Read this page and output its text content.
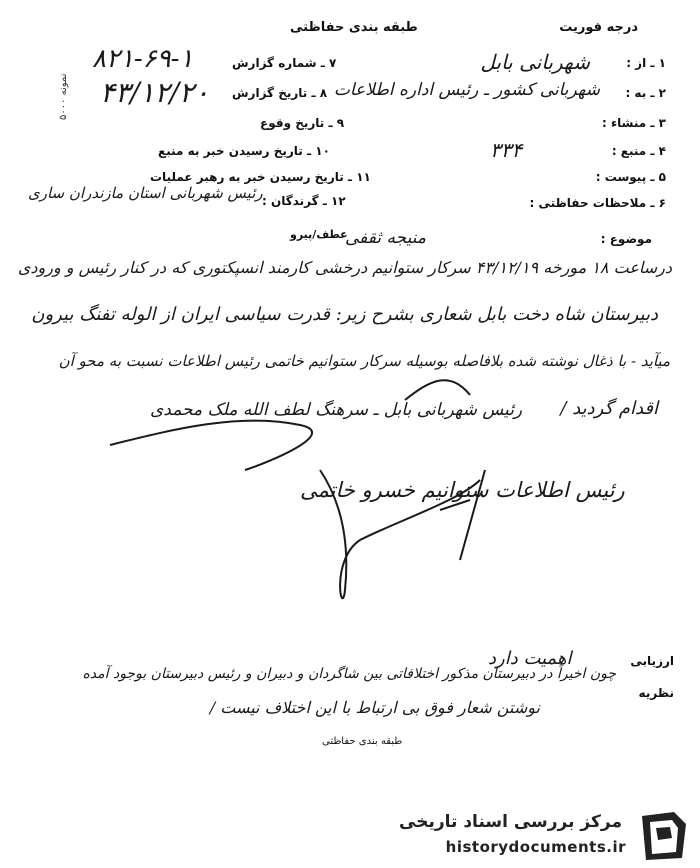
درجه فوریت
طبقه بندی حفاظتی
۱ ـ از :
شهربانی بابل
۲ ـ به :
شهربانی کشور ـ رئیس اداره اطلاعات
۳ ـ منشاء :
۴ ـ منبع :
۳۳۴
۵ ـ پیوست :
۶ ـ ملاحظات حفاظتی :
۷ ـ شماره گزارش
۸۲۱-۶۹-۱
۸ ـ تاریخ گزارش
۴۳/۱۲/۲۰
۹ ـ تاریخ وقوع
۱۰ ـ تاریخ رسیدن خبر به منبع
۱۱ ـ تاریخ رسیدن خبر به رهبر عملیات
۱۲ ـ گرندگان :
رئیس شهربانی استان مازندران ساری
نمونه ۵۰۰۰
موضوع :
عطف/پیرو
منیجه ثقفی
درساعت ۱۸ مورخه ۴۳/۱۲/۱۹ سرکار ستوانیم درخشی کارمند انسپکتوری که در کنار رئیس و ورودی
دبیرستان شاه دخت بابل شعاری بشرح زیر: قدرت سیاسی ایران از الوله تفنگ بیرون
میآید - با ذغال نوشته شده بلافاصله بوسیله سرکار ستوانیم خاتمی رئیس اطلاعات نسبت به محو آن
اقدام گردید /
رئیس شهربانی بابل ـ سرهنگ لطف الله ملک محمدی
رئیس اطلاعات ستوانیم خسرو خاتمی
ارزیابی
اهمیت دارد
نظریه
چون اخیراً در دبیرستان مذکور اختلافاتی بین شاگردان و دبیران و رئیس دبیرستان بوجود آمده
نوشتن شعار فوق بی ارتباط با این اختلاف نیست /
طبقه بندی حفاظتی
مرکز بررسی اسناد تاریخی
historydocuments.ir
